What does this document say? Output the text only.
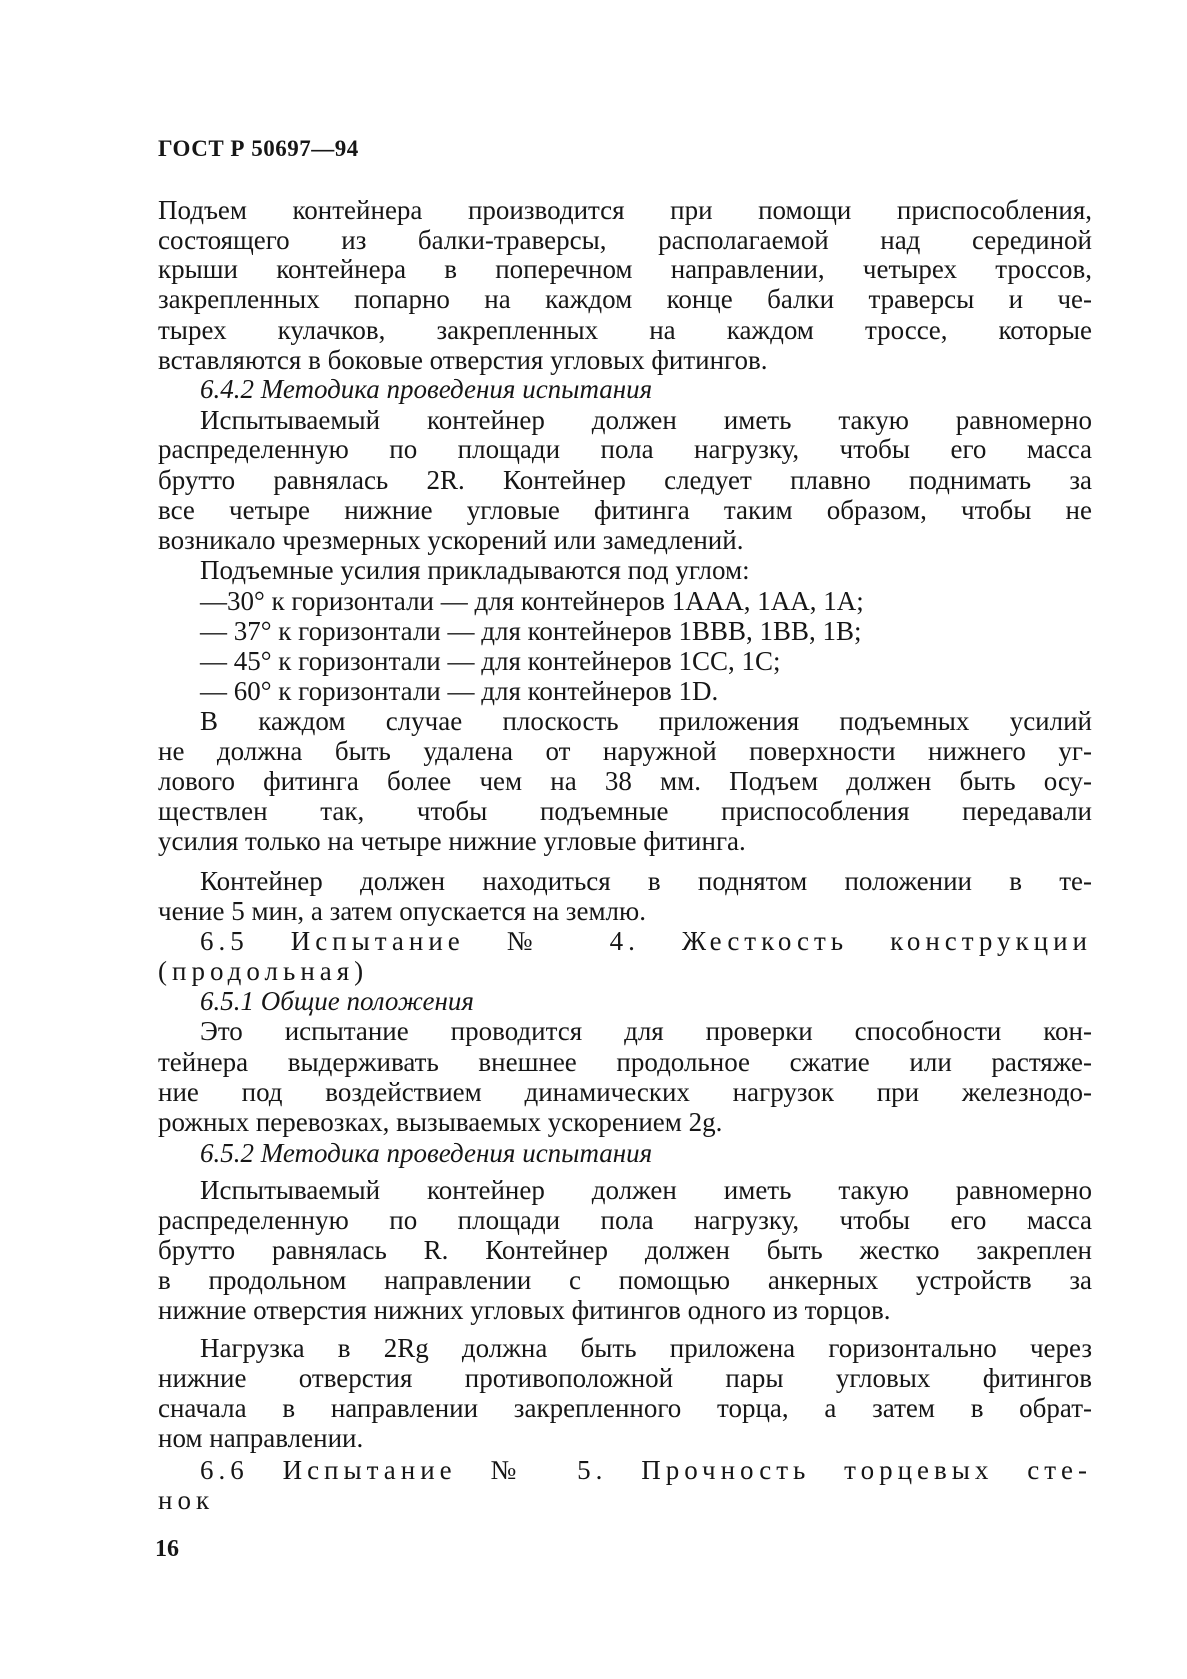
ГОСТ Р 50697—94
Подъем контейнера производится при помощи приспособления,
состоящего из балки-траверсы, располагаемой над серединой
крыши контейнера в поперечном направлении, четырех тросcов,
закрепленных попарно на каждом конце балки траверсы и че-
тырех кулачков, закрепленных на каждом тросcе, которые
вставляются в боковые отверстия угловых фитингов.
6.4.2 Методика проведения испытания
Испытываемый контейнер должен иметь такую равномерно
распределенную по площади пола нагрузку, чтобы его масса
брутто равнялась 2R. Контейнер следует плавно поднимать за
все четыре нижние угловые фитинга таким образом, чтобы не
возникало чрезмерных ускорений или замедлений.
Подъемные усилия прикладываются под углом:
—30° к горизонтали — для контейнеров 1ААА, 1АА, 1А;
— 37° к горизонтали — для контейнеров 1ВВВ, 1ВВ, 1В;
— 45° к горизонтали — для контейнеров 1СС, 1С;
— 60° к горизонтали — для контейнеров 1D.
В каждом случае плоскость приложения подъемных усилий
не должна быть удалена от наружной поверхности нижнего уг-
лового фитинга более чем на 38 мм. Подъем должен быть осу-
ществлен так, чтобы подъемные приспособления передавали
усилия только на четыре нижние угловые фитинга.
Контейнер должен находиться в поднятом положении в те-
чение 5 мин, а затем опускается на землю.
6.5 Испытание № 4. Жесткость конструкции
(продольная)
6.5.1 Общие положения
Это испытание проводится для проверки способности кон-
тейнера выдерживать внешнее продольное сжатие или растяже-
ние под воздействием динамических нагрузок при железнодо-
рожных перевозках, вызываемых ускорением 2g.
6.5.2 Методика проведения испытания
Испытываемый контейнер должен иметь такую равномерно
распределенную по площади пола нагрузку, чтобы его масса
брутто равнялась R. Контейнер должен быть жестко закреплен
в продольном направлении с помощью анкерных устройств за
нижние отверстия нижних угловых фитингов одного из торцов.
Нагрузка в 2Rg должна быть приложена горизонтально через
нижние отверстия противоположной пары угловых фитингов
сначала в направлении закрепленного торца, а затем в обрат-
ном направлении.
6.6 Испытание № 5. Прочность торцевых сте-
нок
16
